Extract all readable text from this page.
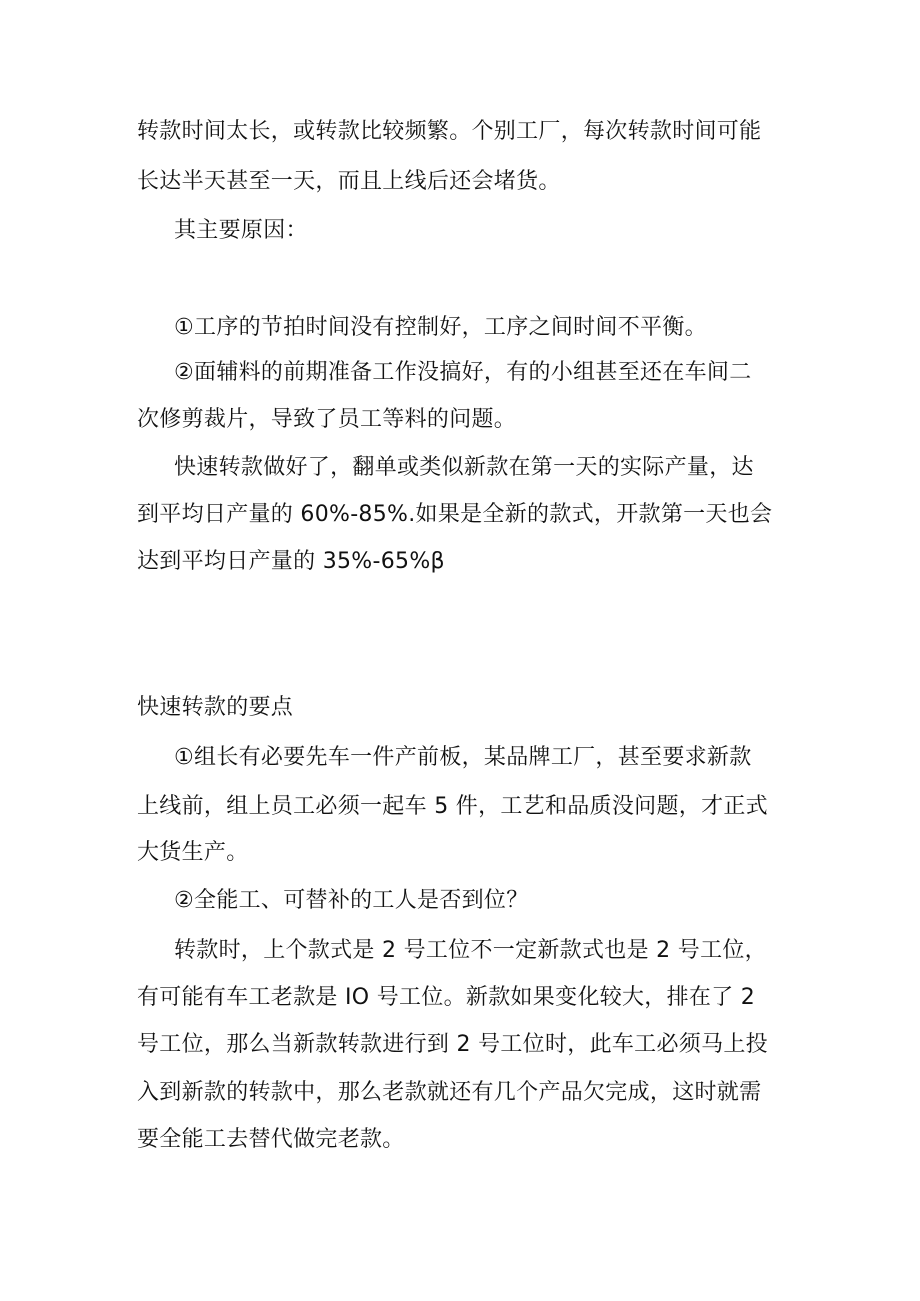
转款时间太长，或转款比较频繁。个别工厂，每次转款时间可能
长达半天甚至一天，而且上线后还会堵货。
其主要原因：
①工序的节拍时间没有控制好，工序之间时间不平衡。
②面辅料的前期准备工作没搞好，有的小组甚至还在车间二
次修剪裁片，导致了员工等料的问题。
快速转款做好了，翻单或类似新款在第一天的实际产量，达
到平均日产量的 60%-85%.如果是全新的款式，开款第一天也会
达到平均日产量的 35%-65%β
快速转款的要点
①组长有必要先车一件产前板，某品牌工厂，甚至要求新款
上线前，组上员工必须一起车 5 件，工艺和品质没问题，才正式
大货生产。
②全能工、可替补的工人是否到位？
转款时，上个款式是 2 号工位不一定新款式也是 2 号工位，
有可能有车工老款是 IO 号工位。新款如果变化较大，排在了 2
号工位，那么当新款转款进行到 2 号工位时，此车工必须马上投
入到新款的转款中，那么老款就还有几个产品欠完成，这时就需
要全能工去替代做完老款。
